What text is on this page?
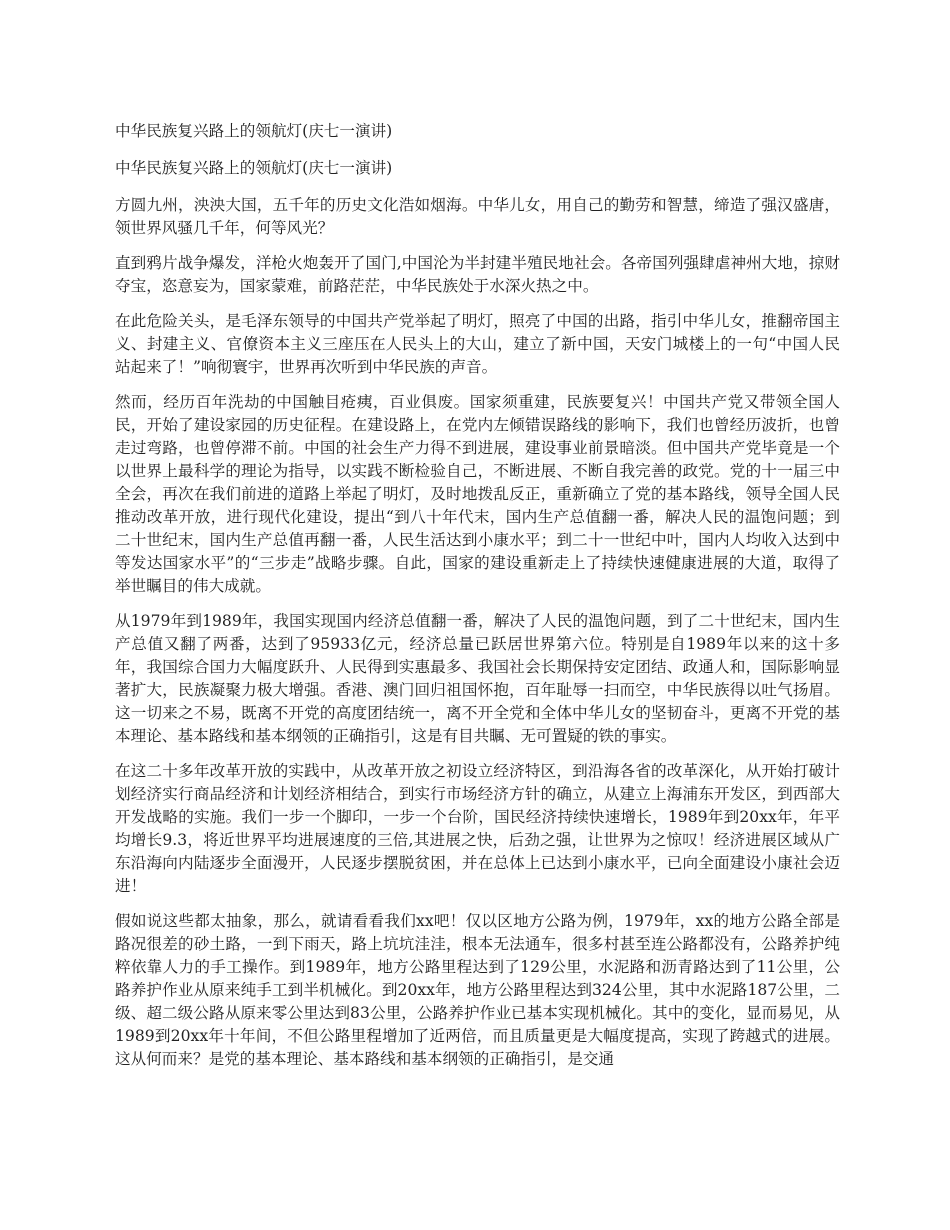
中华民族复兴路上的领航灯(庆七一演讲)

中华民族复兴路上的领航灯(庆七一演讲)

方圆九州，泱泱大国，五千年的历史文化浩如烟海。中华儿女，用自己的勤劳和智慧，缔造了强汉盛唐，领世界风骚几千年，何等风光？

直到鸦片战争爆发，洋枪火炮轰开了国门,中国沦为半封建半殖民地社会。各帝国列强肆虐神州大地，掠财夺宝，恣意妄为，国家蒙难，前路茫茫，中华民族处于水深火热之中。

在此危险关头，是毛泽东领导的中国共产党举起了明灯，照亮了中国的出路，指引中华儿女，推翻帝国主义、封建主义、官僚资本主义三座压在人民头上的大山，建立了新中国，天安门城楼上的一句“中国人民站起来了！”响彻寰宇，世界再次听到中华民族的声音。

然而，经历百年洗劫的中国触目疮痍，百业俱废。国家须重建，民族要复兴！中国共产党又带领全国人民，开始了建设家园的历史征程。在建设路上，在党内左倾错误路线的影响下，我们也曾经历波折，也曾走过弯路，也曾停滞不前。中国的社会生产力得不到进展，建设事业前景暗淡。但中国共产党毕竟是一个以世界上最科学的理论为指导，以实践不断检验自己，不断进展、不断自我完善的政党。党的十一届三中全会，再次在我们前进的道路上举起了明灯，及时地拨乱反正，重新确立了党的基本路线，领导全国人民推动改革开放，进行现代化建设，提出“到八十年代末，国内生产总值翻一番，解决人民的温饱问题；到二十世纪末，国内生产总值再翻一番，人民生活达到小康水平；到二十一世纪中叶，国内人均收入达到中等发达国家水平”的“三步走”战略步骤。自此，国家的建设重新走上了持续快速健康进展的大道，取得了举世瞩目的伟大成就。

从1979年到1989年，我国实现国内经济总值翻一番，解决了人民的温饱问题，到了二十世纪末，国内生产总值又翻了两番，达到了95933亿元，经济总量已跃居世界第六位。特别是自1989年以来的这十多年，我国综合国力大幅度跃升、人民得到实惠最多、我国社会长期保持安定团结、政通人和，国际影响显著扩大，民族凝聚力极大增强。香港、澳门回归祖国怀抱，百年耻辱一扫而空，中华民族得以吐气扬眉。这一切来之不易，既离不开党的高度团结统一，离不开全党和全体中华儿女的坚韧奋斗，更离不开党的基本理论、基本路线和基本纲领的正确指引，这是有目共瞩、无可置疑的铁的事实。

在这二十多年改革开放的实践中，从改革开放之初设立经济特区，到沿海各省的改革深化，从开始打破计划经济实行商品经济和计划经济相结合，到实行市场经济方针的确立，从建立上海浦东开发区，到西部大开发战略的实施。我们一步一个脚印，一步一个台阶，国民经济持续快速增长，1989年到20xx年，年平均增长9.3，将近世界平均进展速度的三倍,其进展之快，后劲之强，让世界为之惊叹！经济进展区域从广东沿海向内陆逐步全面漫开，人民逐步摆脱贫困，并在总体上已达到小康水平，已向全面建设小康社会迈进！

假如说这些都太抽象，那么，就请看看我们xx吧！仅以区地方公路为例，1979年，xx的地方公路全部是路况很差的砂土路，一到下雨天，路上坑坑洼洼，根本无法通车，很多村甚至连公路都没有，公路养护纯粹依靠人力的手工操作。到1989年，地方公路里程达到了129公里，水泥路和沥青路达到了11公里，公路养护作业从原来纯手工到半机械化。到20xx年，地方公路里程达到324公里，其中水泥路187公里，二级、超二级公路从原来零公里达到83公里，公路养护作业已基本实现机械化。其中的变化，显而易见，从1989到20xx年十年间，不但公路里程增加了近两倍，而且质量更是大幅度提高，实现了跨越式的进展。这从何而来？是党的基本理论、基本路线和基本纲领的正确指引，是交通
